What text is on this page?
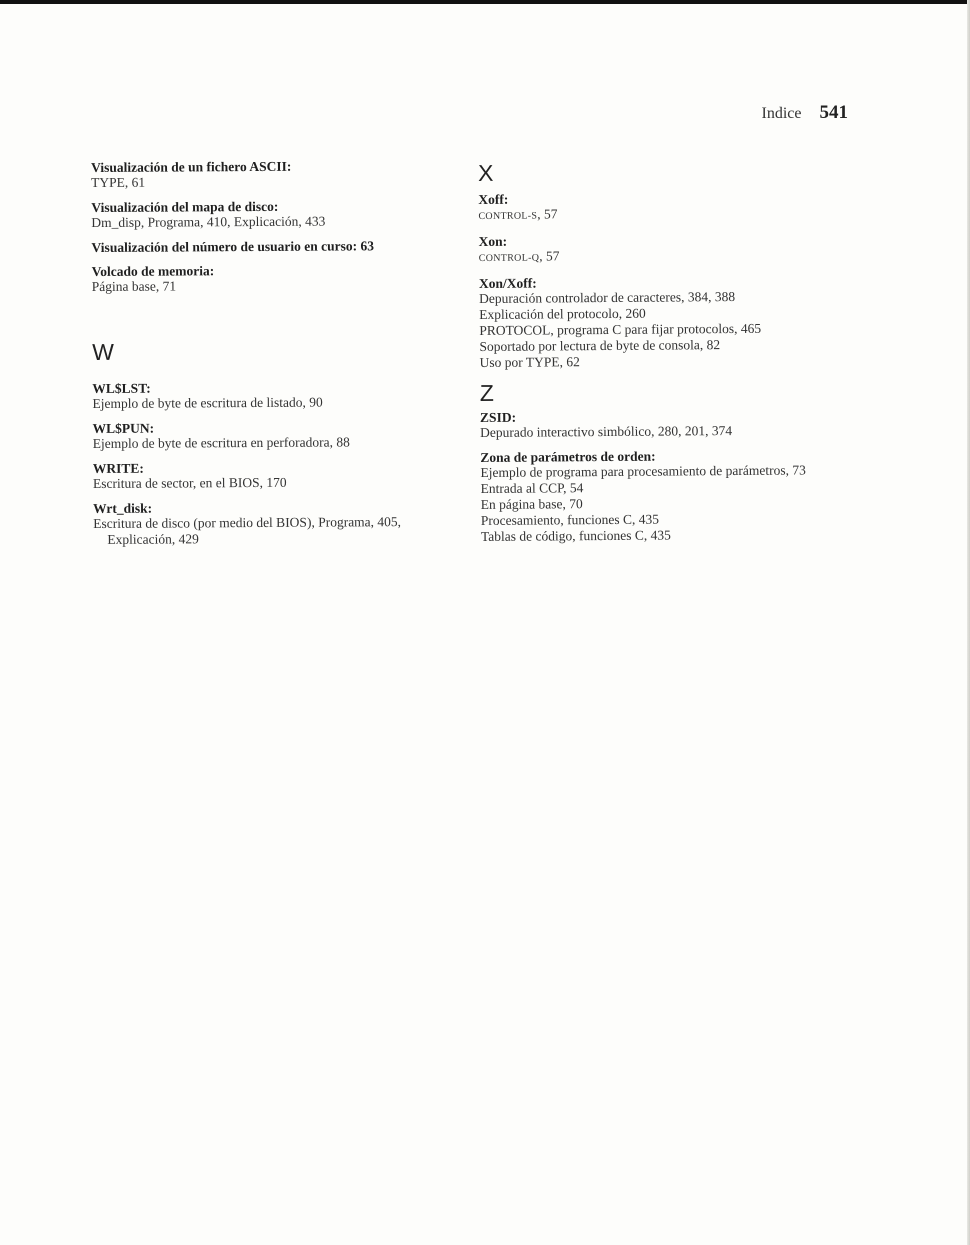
Indice 541
Visualización de un fichero ASCII:
TYPE, 61
Visualización del mapa de disco:
Dm_disp, Programa, 410, Explicación, 433
Visualización del número de usuario en curso: 63
Volcado de memoria:
Página base, 71
W
WL$LST:
Ejemplo de byte de escritura de listado, 90
WL$PUN:
Ejemplo de byte de escritura en perforadora, 88
WRITE:
Escritura de sector, en el BIOS, 170
Wrt_disk:
Escritura de disco (por medio del BIOS), Programa, 405, Explicación, 429
X
Xoff:
CONTROL-S, 57
Xon:
CONTROL-Q, 57
Xon/Xoff:
Depuración controlador de caracteres, 384, 388
Explicación del protocolo, 260
PROTOCOL, programa C para fijar protocolos, 465
Soportado por lectura de byte de consola, 82
Uso por TYPE, 62
Z
ZSID:
Depurado interactivo simbólico, 280, 201, 374
Zona de parámetros de orden:
Ejemplo de programa para procesamiento de parámetros, 73
Entrada al CCP, 54
En página base, 70
Procesamiento, funciones C, 435
Tablas de código, funciones C, 435
